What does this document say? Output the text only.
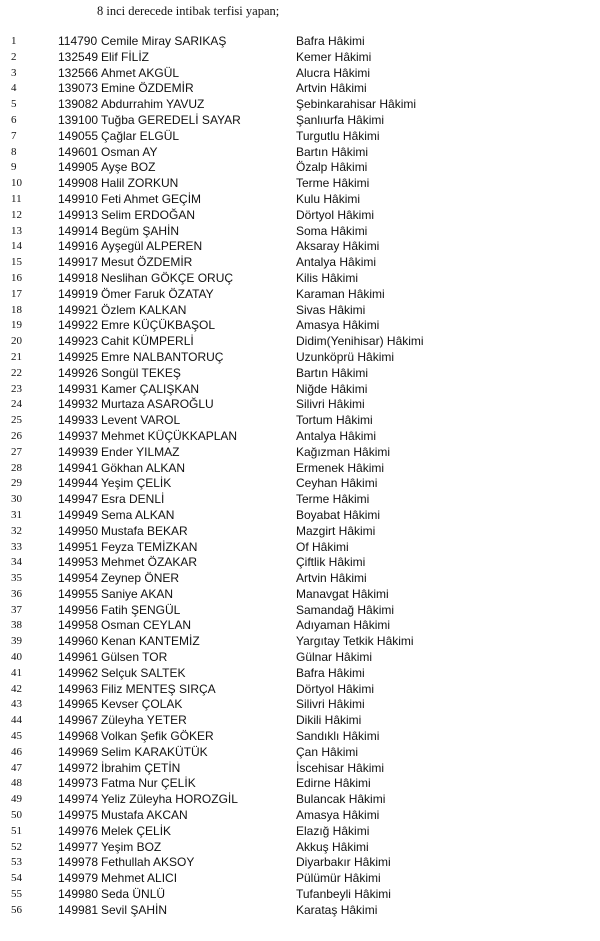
8 inci derecede intibak terfisi yapan;
1	114790 Cemile Miray SARIKAŞ	Bafra Hâkimi
2	132549 Elif FİLİZ	Kemer Hâkimi
3	132566 Ahmet AKGÜL	Alucra Hâkimi
4	139073 Emine ÖZDEMİR	Artvin Hâkimi
5	139082 Abdurrahim YAVUZ	Şebinkarahisar Hâkimi
6	139100 Tuğba GEREDELİ SAYAR	Şanlıurfa Hâkimi
7	149055 Çağlar ELGÜL	Turgutlu Hâkimi
8	149601 Osman AY	Bartın Hâkimi
9	149905 Ayşe BOZ	Özalp Hâkimi
10	149908 Halil ZORKUN	Terme Hâkimi
11	149910 Feti Ahmet GEÇİM	Kulu Hâkimi
12	149913 Selim ERDOĞAN	Dörtyol Hâkimi
13	149914 Begüm ŞAHİN	Soma Hâkimi
14	149916 Ayşegül ALPEREN	Aksaray Hâkimi
15	149917 Mesut ÖZDEMİR	Antalya Hâkimi
16	149918 Neslihan GÖKÇE ORUÇ	Kilis Hâkimi
17	149919 Ömer Faruk ÖZATAY	Karaman Hâkimi
18	149921 Özlem KALKAN	Sivas Hâkimi
19	149922 Emre KÜÇÜKBAŞOL	Amasya Hâkimi
20	149923 Cahit KÜMPERLİ	Didim(Yenihisar) Hâkimi
21	149925 Emre NALBANTORUÇ	Uzunköprü Hâkimi
22	149926 Songül TEKEŞ	Bartın Hâkimi
23	149931 Kamer ÇALIŞKAN	Niğde Hâkimi
24	149932 Murtaza ASAROĞLU	Silivri Hâkimi
25	149933 Levent VAROL	Tortum Hâkimi
26	149937 Mehmet KÜÇÜKKAPLAN	Antalya Hâkimi
27	149939 Ender YILMAZ	Kağızman Hâkimi
28	149941 Gökhan ALKAN	Ermenek Hâkimi
29	149944 Yeşim ÇELİK	Ceyhan Hâkimi
30	149947 Esra DENLİ	Terme Hâkimi
31	149949 Sema ALKAN	Boyabat Hâkimi
32	149950 Mustafa BEKAR	Mazgirt Hâkimi
33	149951 Feyza TEMİZKAN	Of Hâkimi
34	149953 Mehmet ÖZAKAR	Çiftlik Hâkimi
35	149954 Zeynep ÖNER	Artvin Hâkimi
36	149955 Saniye AKAN	Manavgat Hâkimi
37	149956 Fatih ŞENGÜL	Samandağ Hâkimi
38	149958 Osman CEYLAN	Adıyaman Hâkimi
39	149960 Kenan KANTEMİZ	Yargıtay Tetkik Hâkimi
40	149961 Gülsen TOR	Gülnar Hâkimi
41	149962 Selçuk SALTEK	Bafra Hâkimi
42	149963 Filiz MENTEŞ SIRÇA	Dörtyol Hâkimi
43	149965 Kevser ÇOLAK	Silivri Hâkimi
44	149967 Züleyha YETER	Dikili Hâkimi
45	149968 Volkan Şefik GÖKER	Sandıklı Hâkimi
46	149969 Selim KARAKÜTÜK	Çan Hâkimi
47	149972 İbrahim ÇETİN	İscehisar Hâkimi
48	149973 Fatma Nur ÇELİK	Edirne Hâkimi
49	149974 Yeliz Züleyha HOROZGİL	Bulancak Hâkimi
50	149975 Mustafa AKCAN	Amasya Hâkimi
51	149976 Melek ÇELİK	Elazığ Hâkimi
52	149977 Yeşim BOZ	Akkuş Hâkimi
53	149978 Fethullah AKSOY	Diyarbakır Hâkimi
54	149979 Mehmet ALICI	Pülümür Hâkimi
55	149980 Seda ÜNLÜ	Tufanbeyli Hâkimi
56	149981 Sevil ŞAHİN	Karataş Hâkimi
